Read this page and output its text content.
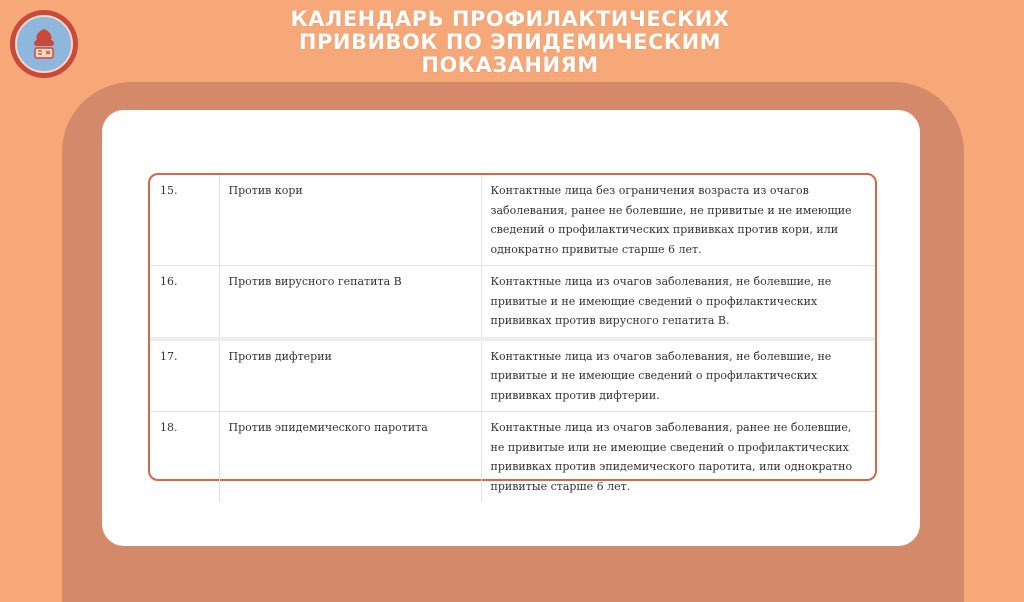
КАЛЕНДАРЬ ПРОФИЛАКТИЧЕСКИХ
ПРИВИВОК ПО ЭПИДЕМИЧЕСКИМ
ПОКАЗАНИЯМ
15.	Против кори	Контактные лица без ограничения возраста из очагов заболевания, ранее не болевшие, не привитые и не имеющие сведений о профилактических прививках против кори, или однократно привитые старше 6 лет.
16.	Против вирусного гепатита В	Контактные лица из очагов заболевания, не болевшие, не привитые и не имеющие сведений о профилактических прививках против вирусного гепатита В.
17.	Против дифтерии	Контактные лица из очагов заболевания, не болевшие, не привитые и не имеющие сведений о профилактических прививках против дифтерии.
18.	Против эпидемического паротита	Контактные лица из очагов заболевания, ранее не болевшие, не привитые или не имеющие сведений о профилактических прививках против эпидемического паротита, или однократно привитые старше 6 лет.
